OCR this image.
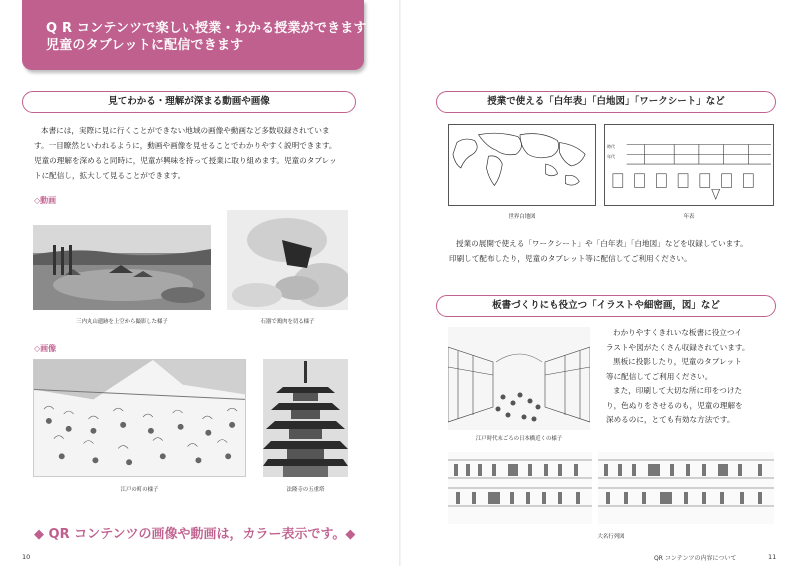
Q R コンテンツで楽しい授業・わかる授業ができます
児童のタブレットに配信できます
見てわかる・理解が深まる動画や画像

本書には，実際に見に行くことができない地域の画像や動画など多数収録されていま

す。一目瞭然といわれるように，動画や画像を見せることでわかりやすく説明できます。

児童の理解を深めると同時に，児童が興味を持って授業に取り組めます。児童のタブレッ

トに配信し，拡大して見ることができます。

◇動画
三内丸山遺跡を上空から撮影した様子	石器で鶏肉を切る様子
◇画像
江戸の町の様子	法隆寺の五重塔
◆ QR コンテンツの画像や動画は，カラー表示です。◆
10
授業で使える「白年表」「白地図」「ワークシート」など
世界白地図
時代
年代
年表

授業の展開で使える「ワークシート」や「白年表」「白地図」などを収録しています。

印刷して配布したり，児童のタブレット等に配信してご利用ください。

板書づくりにも役立つ「イラストや細密画，図」など
江戸時代末ごろの日本橋近くの様子

わかりやすくきれいな板書に役立つイ

ラストや図がたくさん収録されています。

黒板に投影したり，児童のタブレット

等に配信してご利用ください。

また，印刷して大切な所に印をつけた

り，色ぬりをさせるのも，児童の理解を

深めるのに，とても有効な方法です。

大名行列図
QR コンテンツの内容について	11
